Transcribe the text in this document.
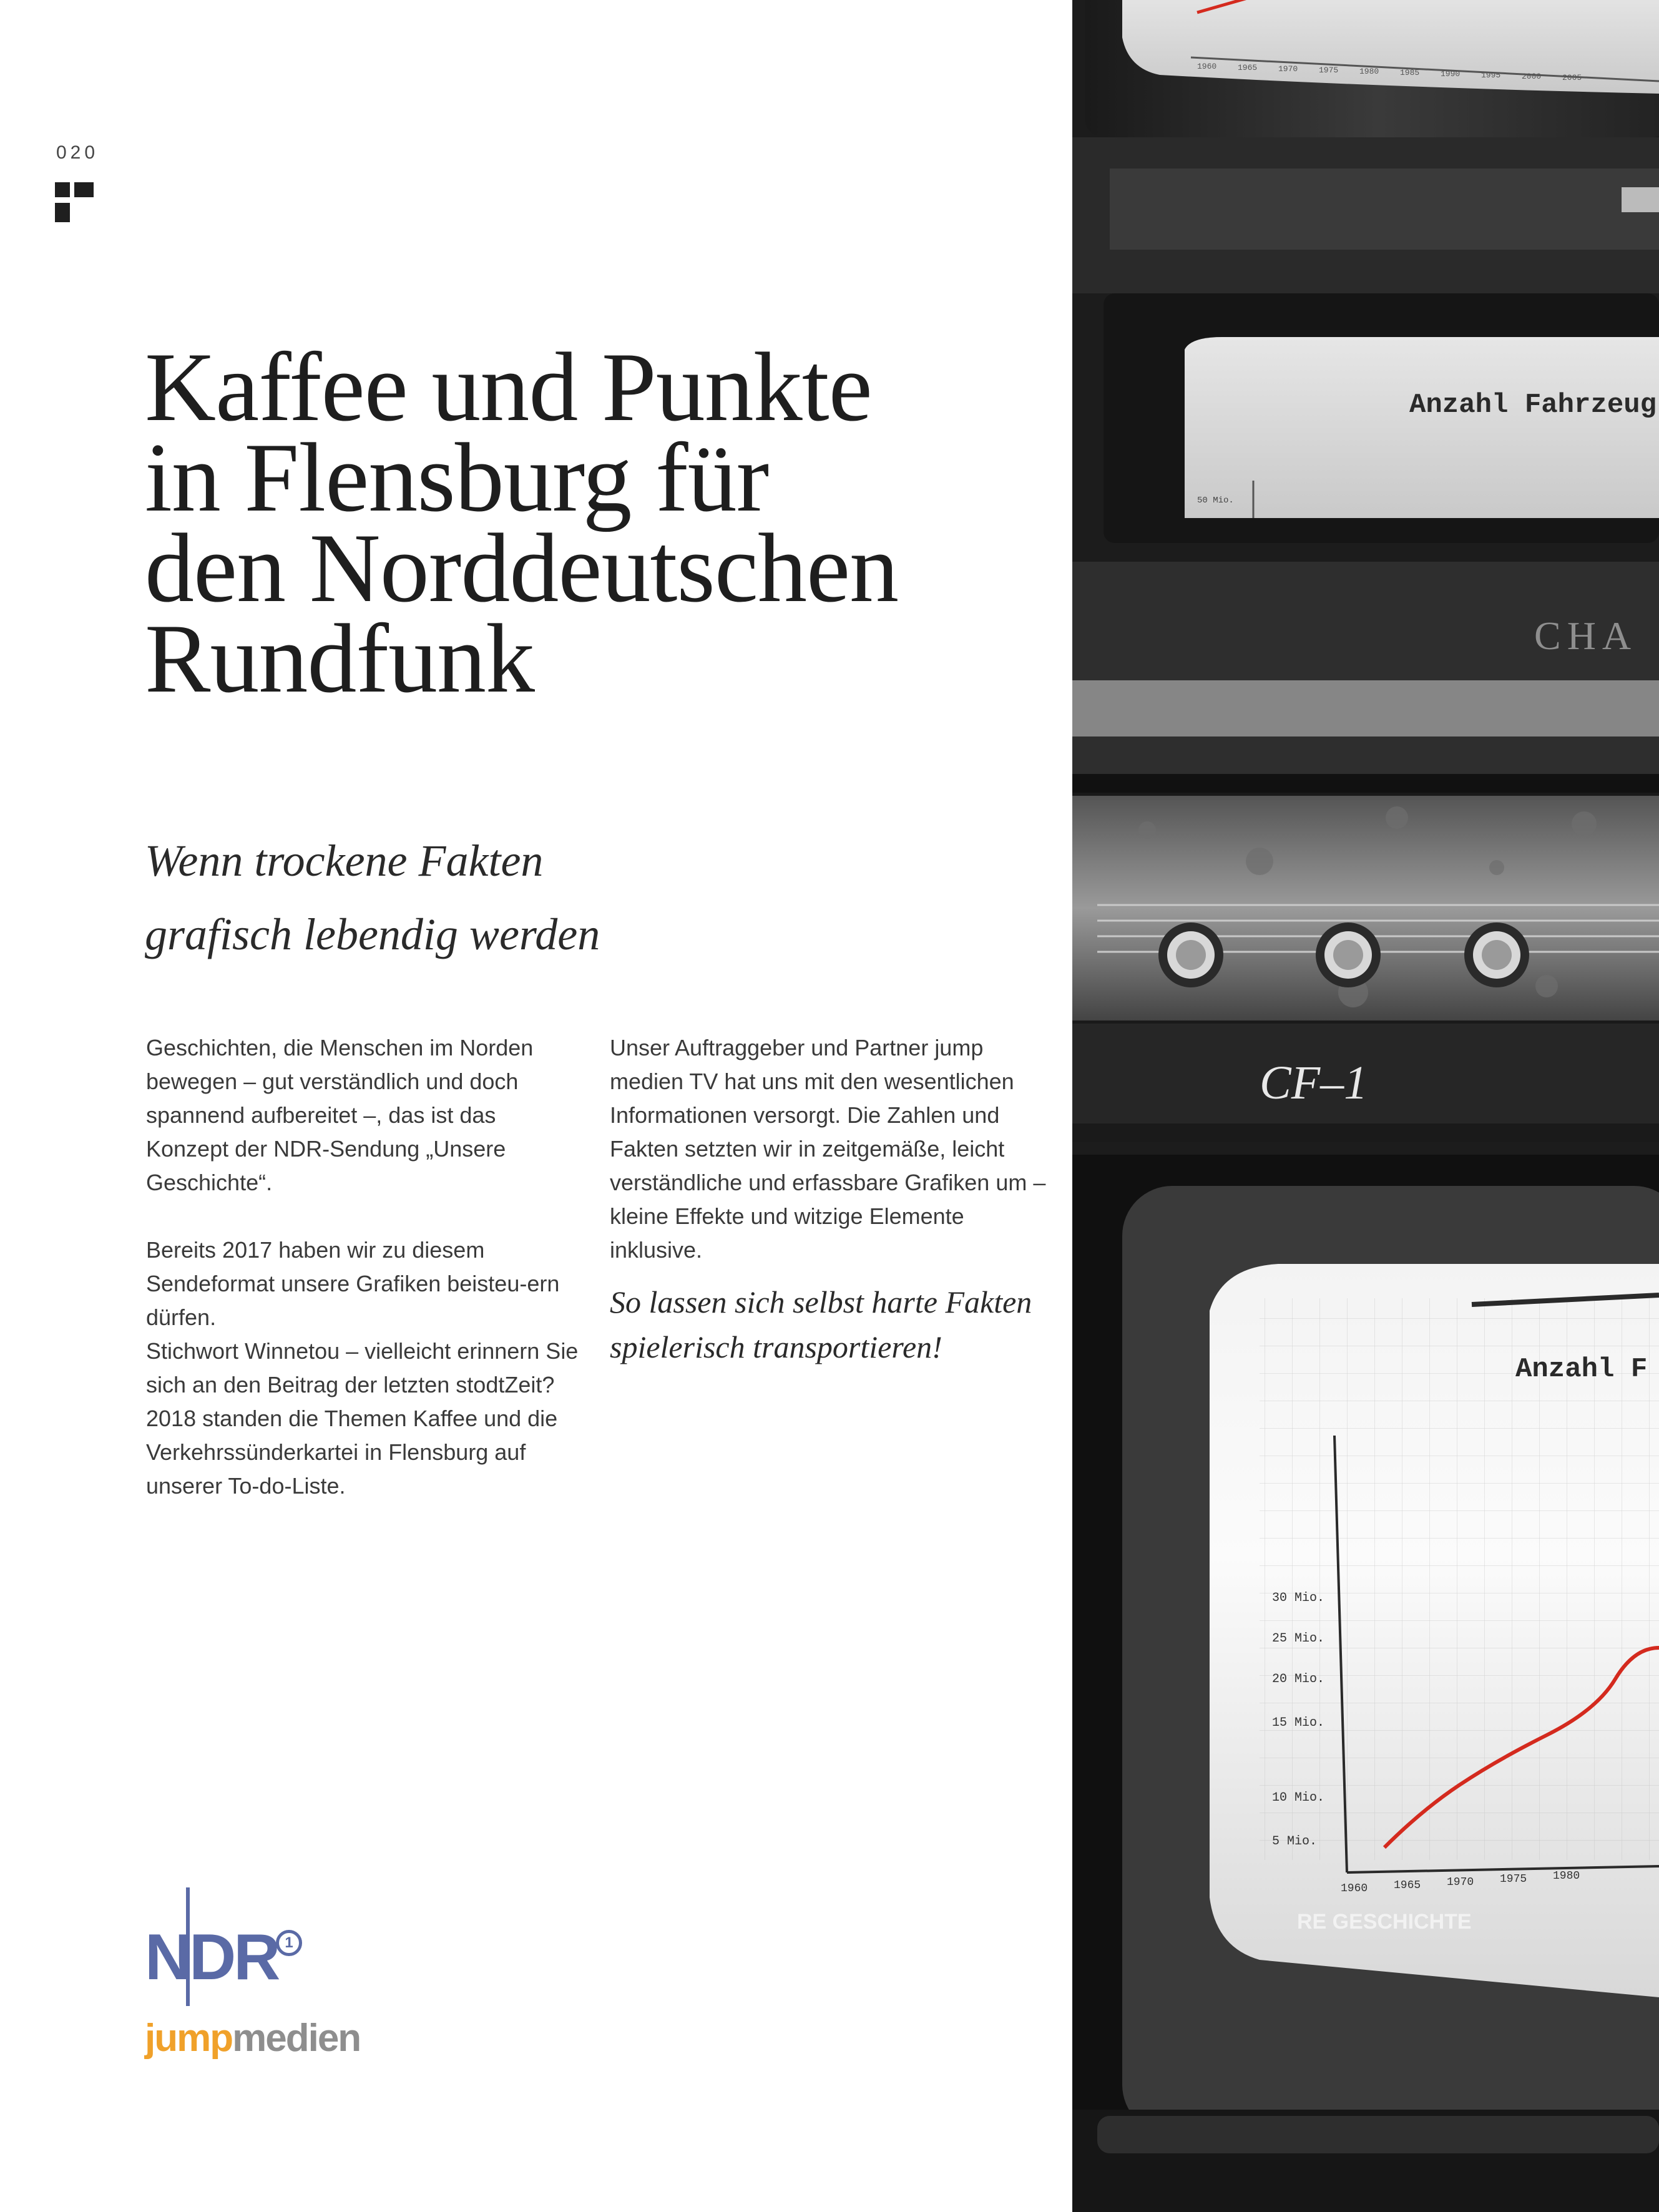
020
Kaffee und Punkte
in Flensburg für
den Norddeutschen
Rundfunk
Wenn trockene Fakten
grafisch lebendig werden

Geschichten, die Menschen im Norden bewegen – gut verständlich und doch spannend aufbereitet –, das ist das Konzept der NDR-Sendung „Unsere Geschichte“.

Bereits 2017 haben wir zu diesem Sendeformat unsere Grafiken beisteu-ern dürfen.

Stichwort Winnetou – vielleicht erinnern Sie sich an den Beitrag der letzten stodtZeit? 2018 standen die Themen Kaffee und die Verkehrssünderkartei in Flensburg auf unserer To-do-Liste.

Unser Auftraggeber und Partner jump medien TV hat uns mit den wesentlichen Informationen versorgt. Die Zahlen und Fakten setzten wir in zeitgemäße, leicht verständliche und erfassbare Grafiken um – kleine Effekte und witzige Elemente inklusive.

So lassen sich selbst harte Fakten spielerisch transportieren!

NDR 1
jumpmedien
1960	1965	1970	1975	1980	1985	1990	1995	2000	2005
Anzahl Fahrzeug
50 Mio.
CHA
CF–1
Anzahl F
30 Mio.
25 Mio.
20 Mio.
15 Mio.
10 Mio.
5 Mio.
1960 1965 1970 1975 1980
RE GESCHICHTE
